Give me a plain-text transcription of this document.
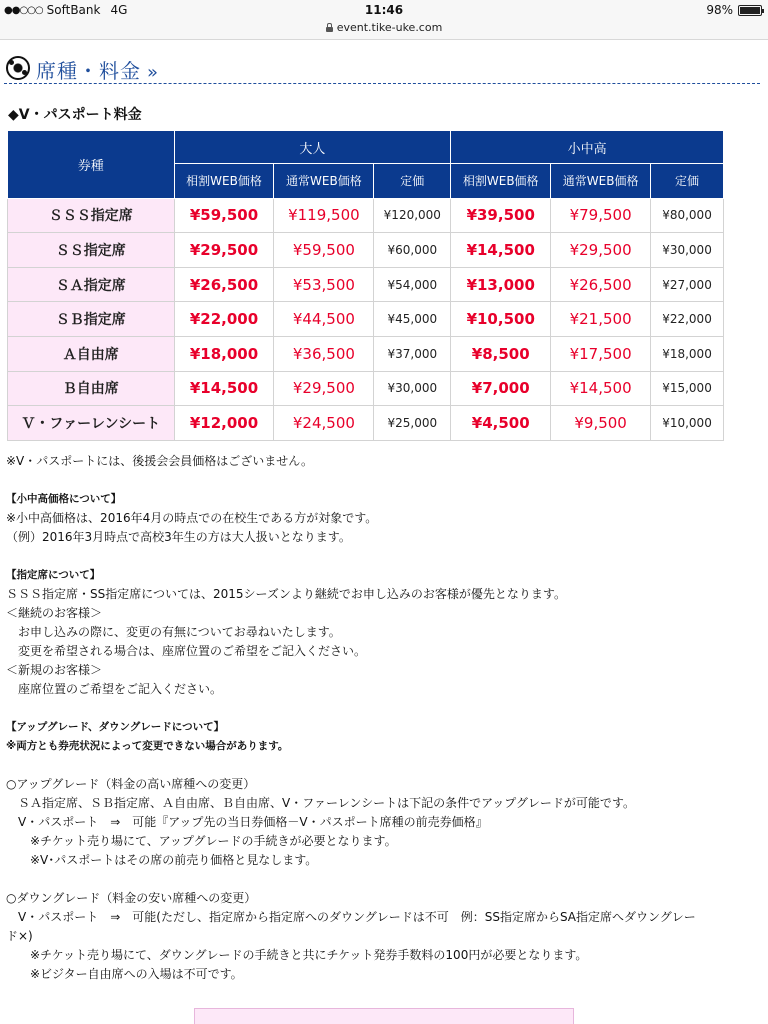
●●○○○ SoftBank 4G	11:46	98%
event.tike-uke.com
席種・料金 »
◆V・パスポート料金
券種	大人			小中高		
	相割WEB価格	通常WEB価格	定価	相割WEB価格	通常WEB価格	定価
ＳＳＳ指定席	¥59,500	¥119,500	¥120,000	¥39,500	¥79,500	¥80,000
ＳＳ指定席	¥29,500	¥59,500	¥60,000	¥14,500	¥29,500	¥30,000
ＳＡ指定席	¥26,500	¥53,500	¥54,000	¥13,000	¥26,500	¥27,000
ＳＢ指定席	¥22,000	¥44,500	¥45,000	¥10,500	¥21,500	¥22,000
Ａ自由席	¥18,000	¥36,500	¥37,000	¥8,500	¥17,500	¥18,000
Ｂ自由席	¥14,500	¥29,500	¥30,000	¥7,000	¥14,500	¥15,000
Ｖ・ファーレンシート	¥12,000	¥24,500	¥25,000	¥4,500	¥9,500	¥10,000
※V・パスポートには、後援会会員価格はございません。
【小中高価格について】
※小中高価格は、2016年4月の時点での在校生である方が対象です。
（例）2016年3月時点で高校3年生の方は大人扱いとなります。
【指定席について】
ＳＳＳ指定席・SS指定席については、2015シーズンより継続でお申し込みのお客様が優先となります。
＜継続のお客様＞
　お申し込みの際に、変更の有無についてお尋ねいたします。
　変更を希望される場合は、座席位置のご希望をご記入ください。
＜新規のお客様＞
　座席位置のご希望をご記入ください。
【アップグレード、ダウングレードについて】
※両方とも券売状況によって変更できない場合があります。
○アップグレード（料金の高い席種への変更）
　ＳＡ指定席、ＳＢ指定席、Ａ自由席、Ｂ自由席、V・ファーレンシートは下記の条件でアップグレードが可能です。
　V・パスポート　⇒　可能『アップ先の当日券価格－V・パスポート席種の前売券価格』
　　※チケット売り場にて、アップグレードの手続きが必要となります。
　　※V･パスポートはその席の前売り価格と見なします。
○ダウングレード（料金の安い席種への変更）
　V・パスポート　⇒　可能(ただし、指定席から指定席へのダウングレードは不可　例：SS指定席からSA指定席へダウングレー
ド×)
　　※チケット売り場にて、ダウングレードの手続きと共にチケット発券手数料の100円が必要となります。
　　※ビジター自由席への入場は不可です。
